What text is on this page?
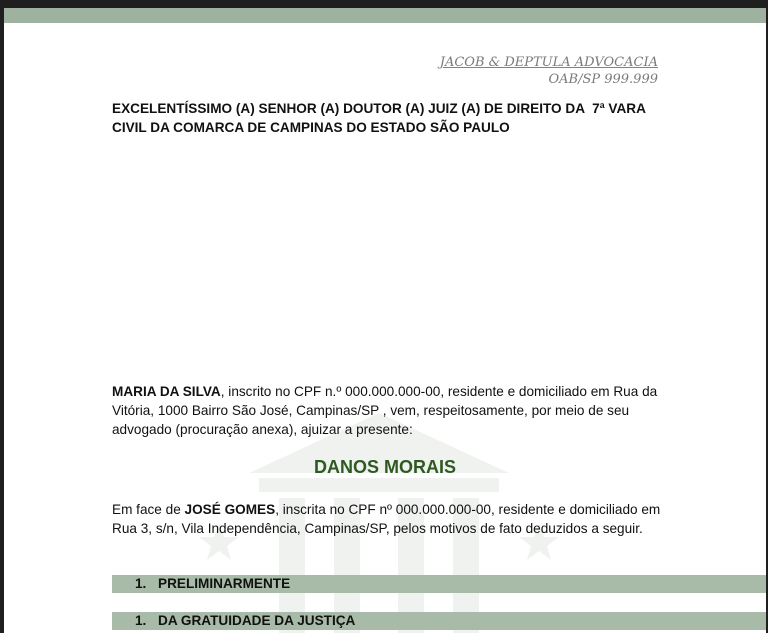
JACOB & DEPTULA ADVOCACIA
OAB/SP 999.999
EXCELENTÍSSIMO (A) SENHOR (A) DOUTOR (A) JUIZ (A) DE DIREITO DA  7ª VARA
CIVIL DA COMARCA DE CAMPINAS DO ESTADO SÃO PAULO
MARIA DA SILVA, inscrito no CPF n.º 000.000.000-00, residente e domiciliado em Rua da Vitória, 1000 Bairro São José, Campinas/SP , vem, respeitosamente, por meio de seu advogado (procuração anexa), ajuizar a presente:
DANOS MORAIS
Em face de JOSÉ GOMES, inscrita no CPF nº 000.000.000-00, residente e domiciliado em Rua 3, s/n, Vila Independência, Campinas/SP, pelos motivos de fato deduzidos a seguir.
1. PRELIMINARMENTE
1. DA GRATUIDADE DA JUSTIÇA
